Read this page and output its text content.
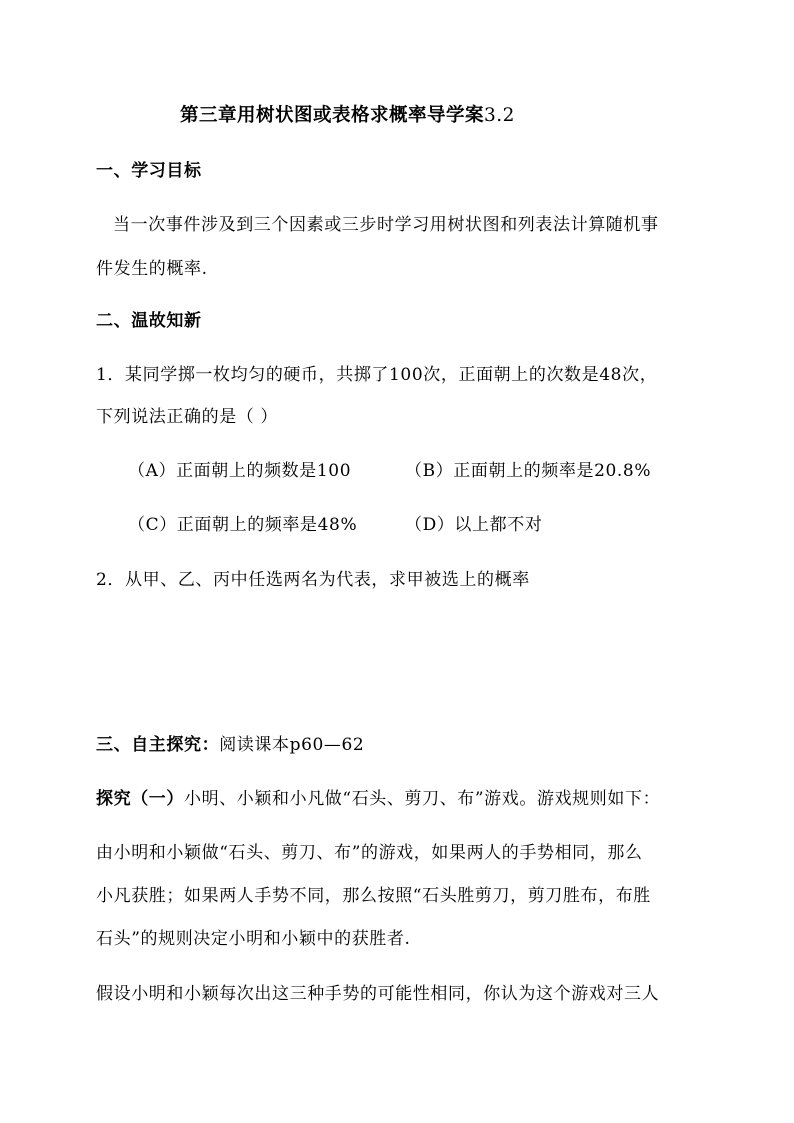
第三章用树状图或表格求概率导学案3.2
一、学习目标
当一次事件涉及到三个因素或三步时学习用树状图和列表法计算随机事
件发生的概率.
二、温故知新
1．某同学掷一枚均匀的硬币，共掷了100次，正面朝上的次数是48次，
下列说法正确的是（ ）
（A）正面朝上的频数是100	（B）正面朝上的频率是20.8%
（C）正面朝上的频率是48%	（D）以上都不对
2．从甲、乙、丙中任选两名为代表，求甲被选上的概率
三、自主探究：阅读课本p60—62
探究（一）小明、小颖和小凡做“石头、剪刀、布”游戏。游戏规则如下：
由小明和小颖做“石头、剪刀、布”的游戏，如果两人的手势相同，那么
小凡获胜；如果两人手势不同，那么按照“石头胜剪刀，剪刀胜布，布胜
石头”的规则决定小明和小颖中的获胜者.
假设小明和小颖每次出这三种手势的可能性相同，你认为这个游戏对三人
